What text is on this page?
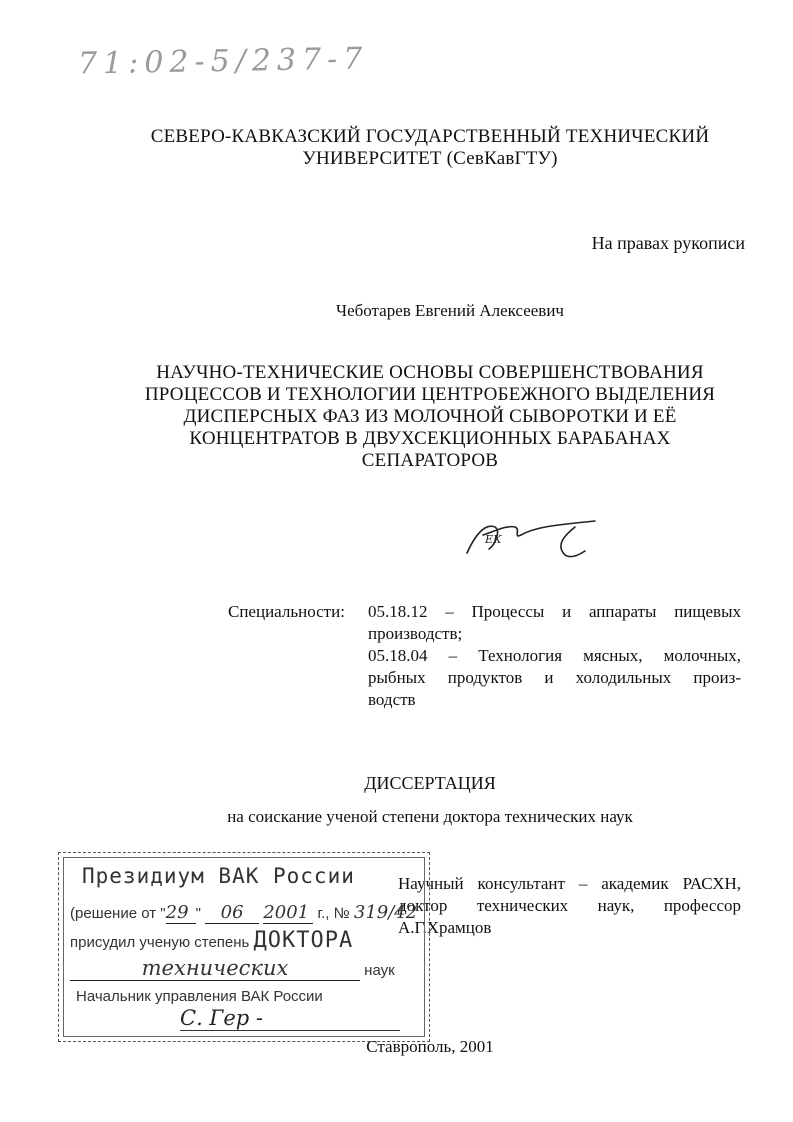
71:02-5/237-7
СЕВЕРО-КАВКАЗСКИЙ ГОСУДАРСТВЕННЫЙ ТЕХНИЧЕСКИЙ
УНИВЕРСИТЕТ (СевКавГТУ)
На правах рукописи
Чеботарев Евгений Алексеевич
НАУЧНО-ТЕХНИЧЕСКИЕ ОСНОВЫ СОВЕРШЕНСТВОВАНИЯ
ПРОЦЕССОВ И ТЕХНОЛОГИИ ЦЕНТРОБЕЖНОГО ВЫДЕЛЕНИЯ
ДИСПЕРСНЫХ ФАЗ ИЗ МОЛОЧНОЙ СЫВОРОТКИ И ЕЁ
КОНЦЕНТРАТОВ В ДВУХСЕКЦИОННЫХ БАРАБАНАХ
СЕПАРАТОРОВ
ЕК
Специальности: 05.18.12 – Процессы и аппараты пищевых
производств;
05.18.04 – Технология мясных, молочных,
рыбных продуктов и холодильных произ-
водств
ДИССЕРТАЦИЯ
на соискание ученой степени доктора технических наук
Научный консультант – академик РАСХН,
доктор технических наук, профессор
А.Г.Храмцов
Президиум ВАК России
(решение от "29 " 06 2001 г., № 319/42
присудил ученую степень ДОКТОРА
технических	наук
Начальник управления ВАК России
С. Гер -
Ставрополь, 2001
